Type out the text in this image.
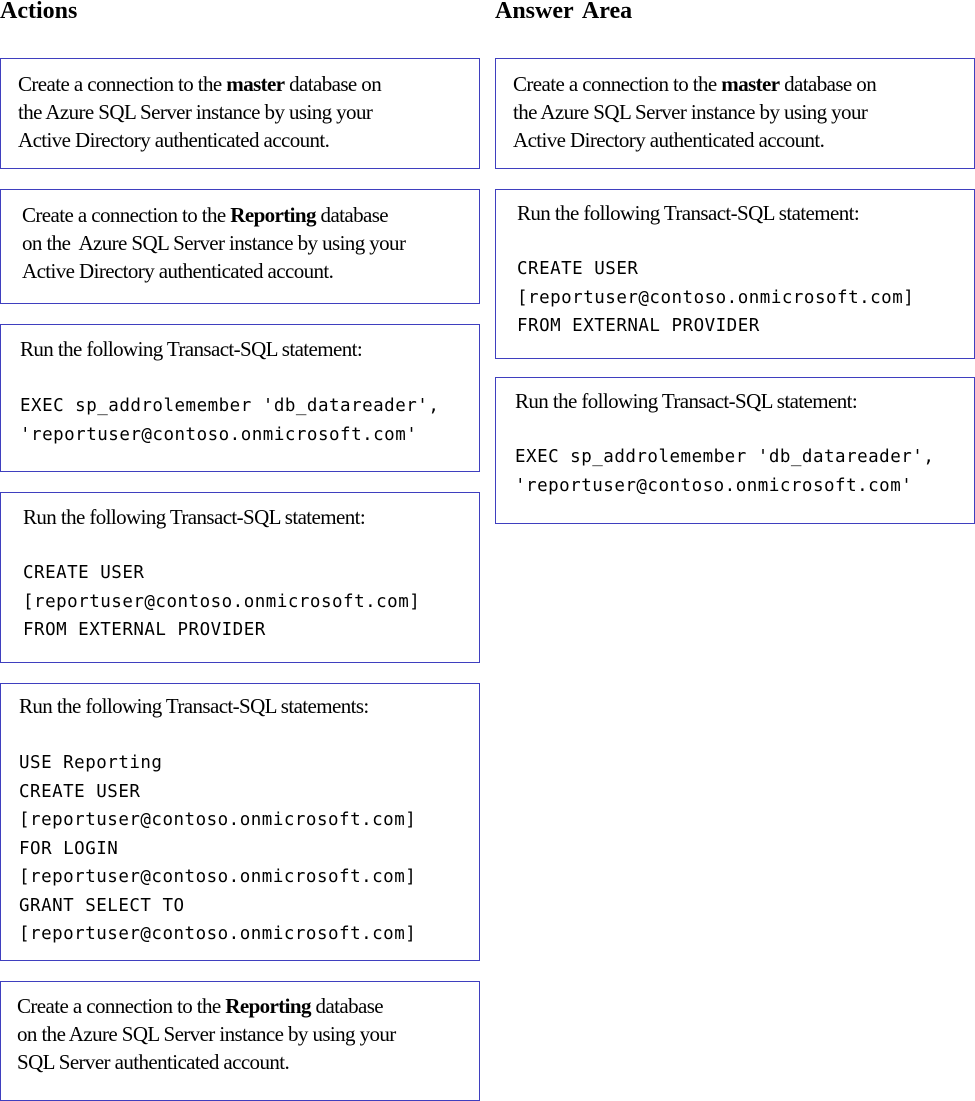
Actions	Answer Area
Create a connection to the master database on
the Azure SQL Server instance by using your
Active Directory authenticated account.
Create a connection to the Reporting database
on the  Azure SQL Server instance by using your
Active Directory authenticated account.
Run the following Transact-SQL statement:
EXEC sp_addrolemember 'db_datareader',
'reportuser@contoso.onmicrosoft.com'
Run the following Transact-SQL statement:
CREATE USER
[reportuser@contoso.onmicrosoft.com]
FROM EXTERNAL PROVIDER
Run the following Transact-SQL statements:
USE Reporting
CREATE USER
[reportuser@contoso.onmicrosoft.com]
FOR LOGIN
[reportuser@contoso.onmicrosoft.com]
GRANT SELECT TO
[reportuser@contoso.onmicrosoft.com]
Create a connection to the Reporting database
on the Azure SQL Server instance by using your
SQL Server authenticated account.
Create a connection to the master database on
the Azure SQL Server instance by using your
Active Directory authenticated account.
Run the following Transact-SQL statement:
CREATE USER
[reportuser@contoso.onmicrosoft.com]
FROM EXTERNAL PROVIDER
Run the following Transact-SQL statement:
EXEC sp_addrolemember 'db_datareader',
'reportuser@contoso.onmicrosoft.com'
